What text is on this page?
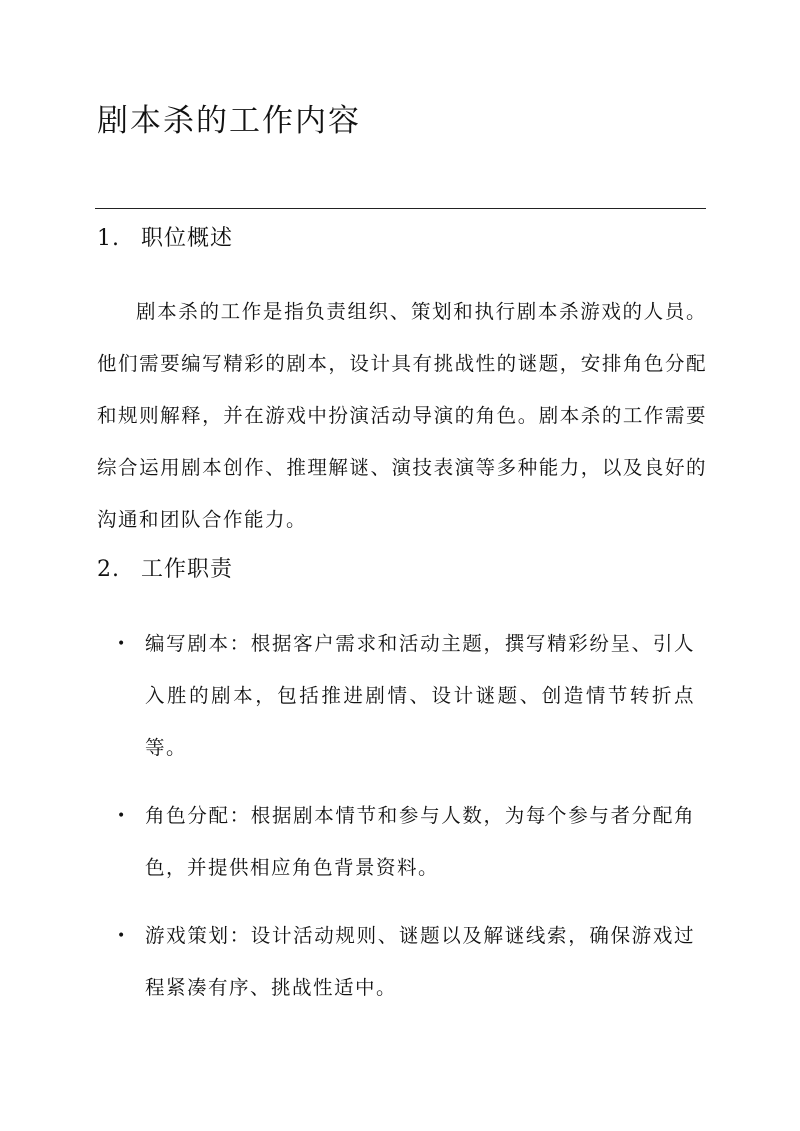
剧本杀的工作内容
1. 职位概述

剧本杀的工作是指负责组织、策划和执行剧本杀游戏的人员。他们需要编写精彩的剧本，设计具有挑战性的谜题，安排角色分配和规则解释，并在游戏中扮演活动导演的角色。剧本杀的工作需要综合运用剧本创作、推理解谜、演技表演等多种能力，以及良好的沟通和团队合作能力。

2. 工作职责
• 编写剧本：根据客户需求和活动主题，撰写精彩纷呈、引人入胜的剧本，包括推进剧情、设计谜题、创造情节转折点等。
• 角色分配：根据剧本情节和参与人数，为每个参与者分配角色，并提供相应角色背景资料。
• 游戏策划：设计活动规则、谜题以及解谜线索，确保游戏过程紧凑有序、挑战性适中。
